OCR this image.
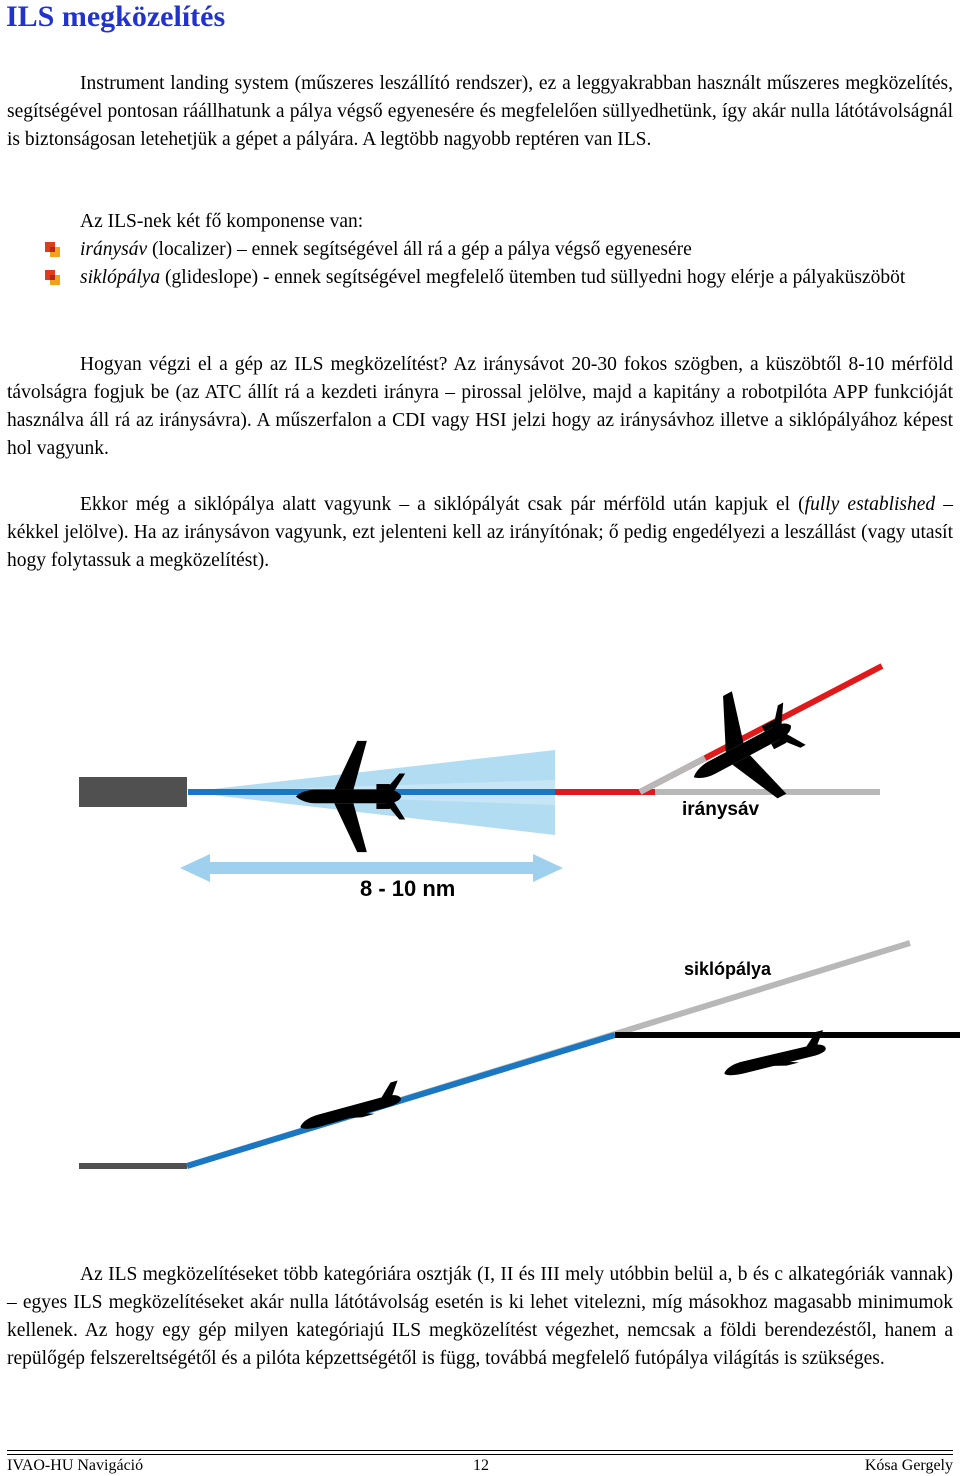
ILS megközelítés

Instrument landing system (műszeres leszállító rendszer), ez a leggyakrabban használt műszeres megközelítés, segítségével pontosan ráállhatunk a pálya végső egyenesére és megfelelően süllyedhetünk, így akár nulla látótávolságnál is biztonságosan letehetjük a gépet a pályára. A legtöbb nagyobb reptéren van ILS.

Az ILS-nek két fő komponense van:

iránysáv (localizer) – ennek segítségével áll rá a gép a pálya végső egyenesére
siklópálya (glideslope) - ennek segítségével megfelelő ütemben tud süllyedni hogy elérje a pályaküszöböt

Hogyan végzi el a gép az ILS megközelítést? Az iránysávot 20-30 fokos szögben, a küszöbtől 8-10 mérföld távolságra fogjuk be (az ATC állít rá a kezdeti irányra – pirossal jelölve, majd a kapitány a robotpilóta APP funkcióját használva áll rá az iránysávra). A műszerfalon a CDI vagy HSI jelzi hogy az iránysávhoz illetve a siklópályához képest hol vagyunk.

Ekkor még a siklópálya alatt vagyunk – a siklópályát csak pár mérföld után kapjuk el (fully established – kékkel jelölve). Ha az iránysávon vagyunk, ezt jelenteni kell az irányítónak; ő pedig engedélyezi a leszállást (vagy utasít hogy folytassuk a megközelítést).

iránysáv
8 - 10 nm
siklópálya

Az ILS megközelítéseket több kategóriára osztják (I, II és III mely utóbbin belül a, b és c alkategóriák vannak) – egyes ILS megközelítéseket akár nulla látótávolság esetén is ki lehet vitelezni, míg másokhoz magasabb minimumok kellenek. Az hogy egy gép milyen kategóriajú ILS megközelítést végezhet, nemcsak a földi berendezéstől, hanem a repülőgép felszereltségétől és a pilóta képzettségétől is függ, továbbá megfelelő futópálya világítás is szükséges.

IVAO-HU Navigáció	12	Kósa Gergely
